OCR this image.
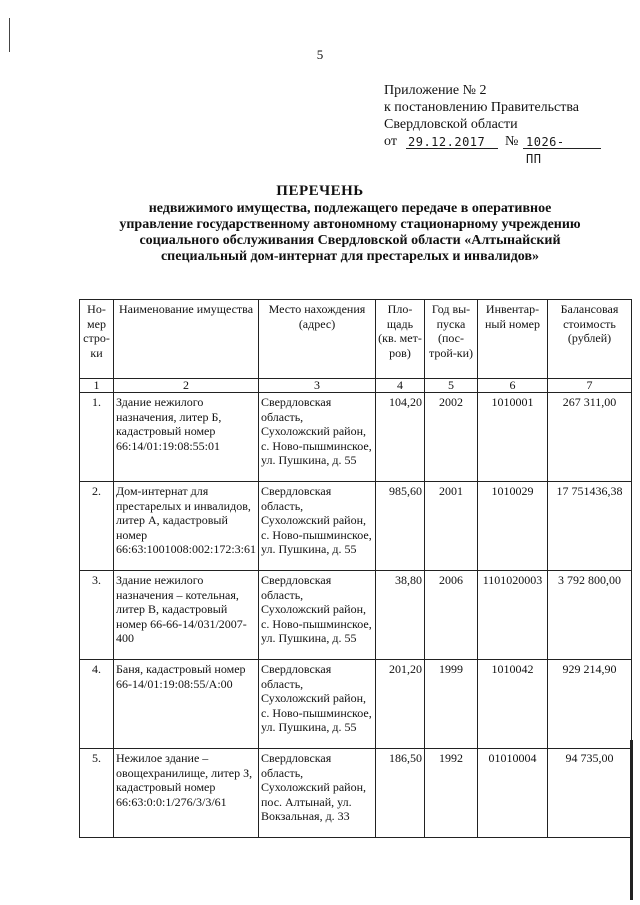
5
Приложение № 2
к постановлению Правительства
Свердловской области
от 29.12.2017 № 1026-ПП
ПЕРЕЧЕНЬ
недвижимого имущества, подлежащего передаче в оперативное
управление государственному автономному стационарному учреждению
социального обслуживания Свердловской области «Алтынайский
специальный дом-интернат для престарелых и инвалидов»
Но-мер стро-ки	Наименование имущества	Место нахождения (адрес)	Пло-щадь (кв. мет-ров)	Год вы-пуска (пос-трой-ки)	Инвентар-ный номер	Балансовая стоимость (рублей)
1	2	3	4	5	6	7
1.	Здание нежилого назначения, литер Б, кадастровый номер 66:14/01:19:08:55:01	Свердловская область, Сухоложский район, с. Ново-пышминское, ул. Пушкина, д. 55	104,20	2002	1010001	267 311,00
2.	Дом-интернат для престарелых и инвалидов, литер А, кадастровый номер 66:63:1001008:002:172:3:61	Свердловская область, Сухоложский район, с. Ново-пышминское, ул. Пушкина, д. 55	985,60	2001	1010029	17 751436,38
3.	Здание нежилого назначения – котельная, литер В, кадастровый номер 66-66-14/031/2007-400	Свердловская область, Сухоложский район, с. Ново-пышминское, ул. Пушкина, д. 55	38,80	2006	1101020003	3 792 800,00
4.	Баня, кадастровый номер 66-14/01:19:08:55/А:00	Свердловская область, Сухоложский район, с. Ново-пышминское, ул. Пушкина, д. 55	201,20	1999	1010042	929 214,90
5.	Нежилое здание – овощехранилище, литер З, кадастровый номер 66:63:0:0:1/276/3/3/61	Свердловская область, Сухоложский район, пос. Алтынай, ул. Вокзальная, д. 33	186,50	1992	01010004	94 735,00
